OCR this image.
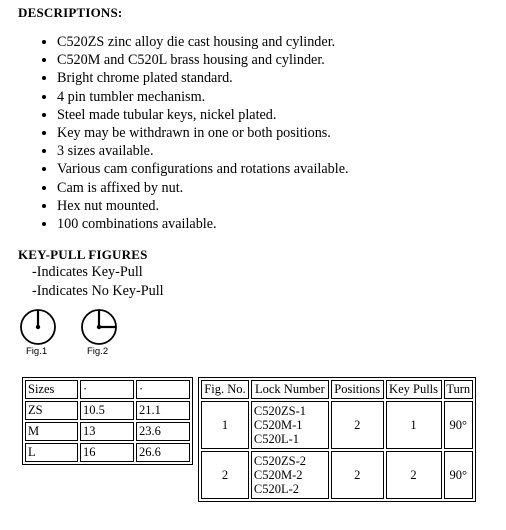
DESCRIPTIONS:
• C520ZS zinc alloy die cast housing and cylinder.
• C520M and C520L brass housing and cylinder.
• Bright chrome plated standard.
• 4 pin tumbler mechanism.
• Steel made tubular keys, nickel plated.
• Key may be withdrawn in one or both positions.
• 3 sizes available.
• Various cam configurations and rotations available.
• Cam is affixed by nut.
• Hex nut mounted.
• 100 combinations available.
KEY-PULL FIGURES
-Indicates Key-Pull
-Indicates No Key-Pull
Fig.1	Fig.2
Sizes	·	·
ZS	10.5	21.1
M	13	23.6
L	16	26.6
Fig. No.	Lock Number	Positions	Key Pulls	Turn
1	C520ZS-1
C520M-1
C520L-1	2	1	90°
2	C520ZS-2
C520M-2
C520L-2	2	2	90°
